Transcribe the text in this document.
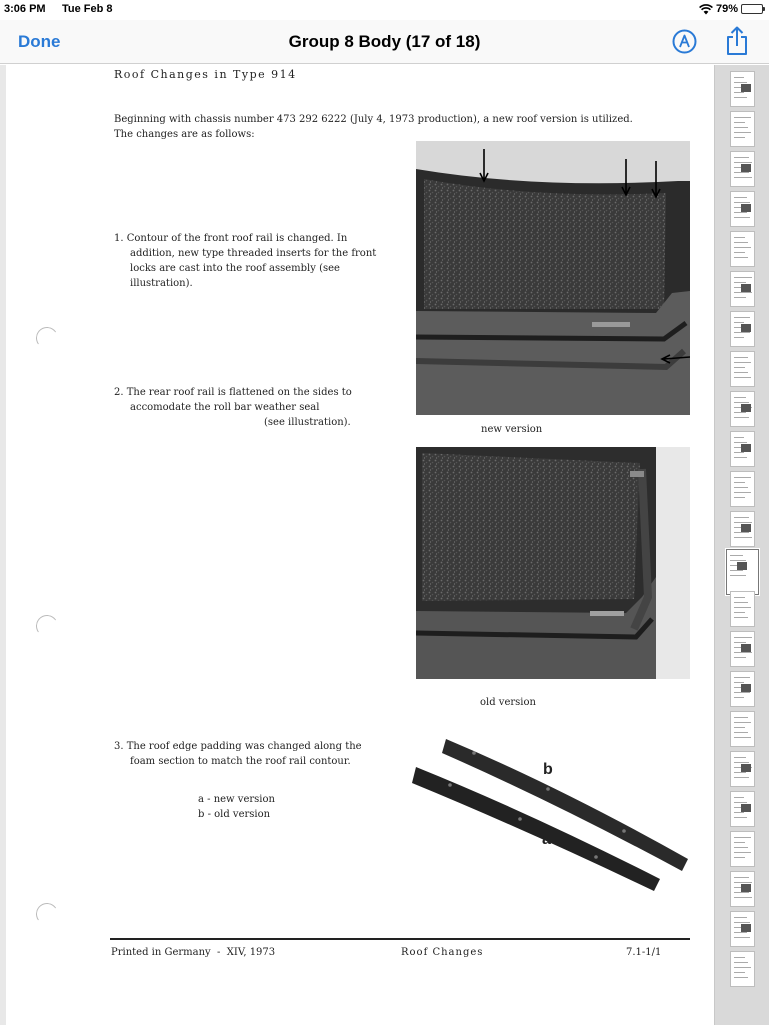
3:06 PM Tue Feb 8	79%
Done	Group 8 Body (17 of 18)
Roof Changes in Type 914
Beginning with chassis number 473 292 6222 (July 4, 1973 production), a new roof version is utilized.
The changes are as follows:
1. Contour of the front roof rail is changed. In
addition, new type threaded inserts for the front
locks are cast into the roof assembly (see
illustration).
2. The rear roof rail is flattened on the sides to
accomodate the roll bar weather seal
(see illustration).
new version
old version
3. The roof edge padding was changed along the
foam section to match the roof rail contour.
a - new version
b - old version
b
a
Printed in Germany  -  XIV, 1973	Roof Changes	7.1-1/1
